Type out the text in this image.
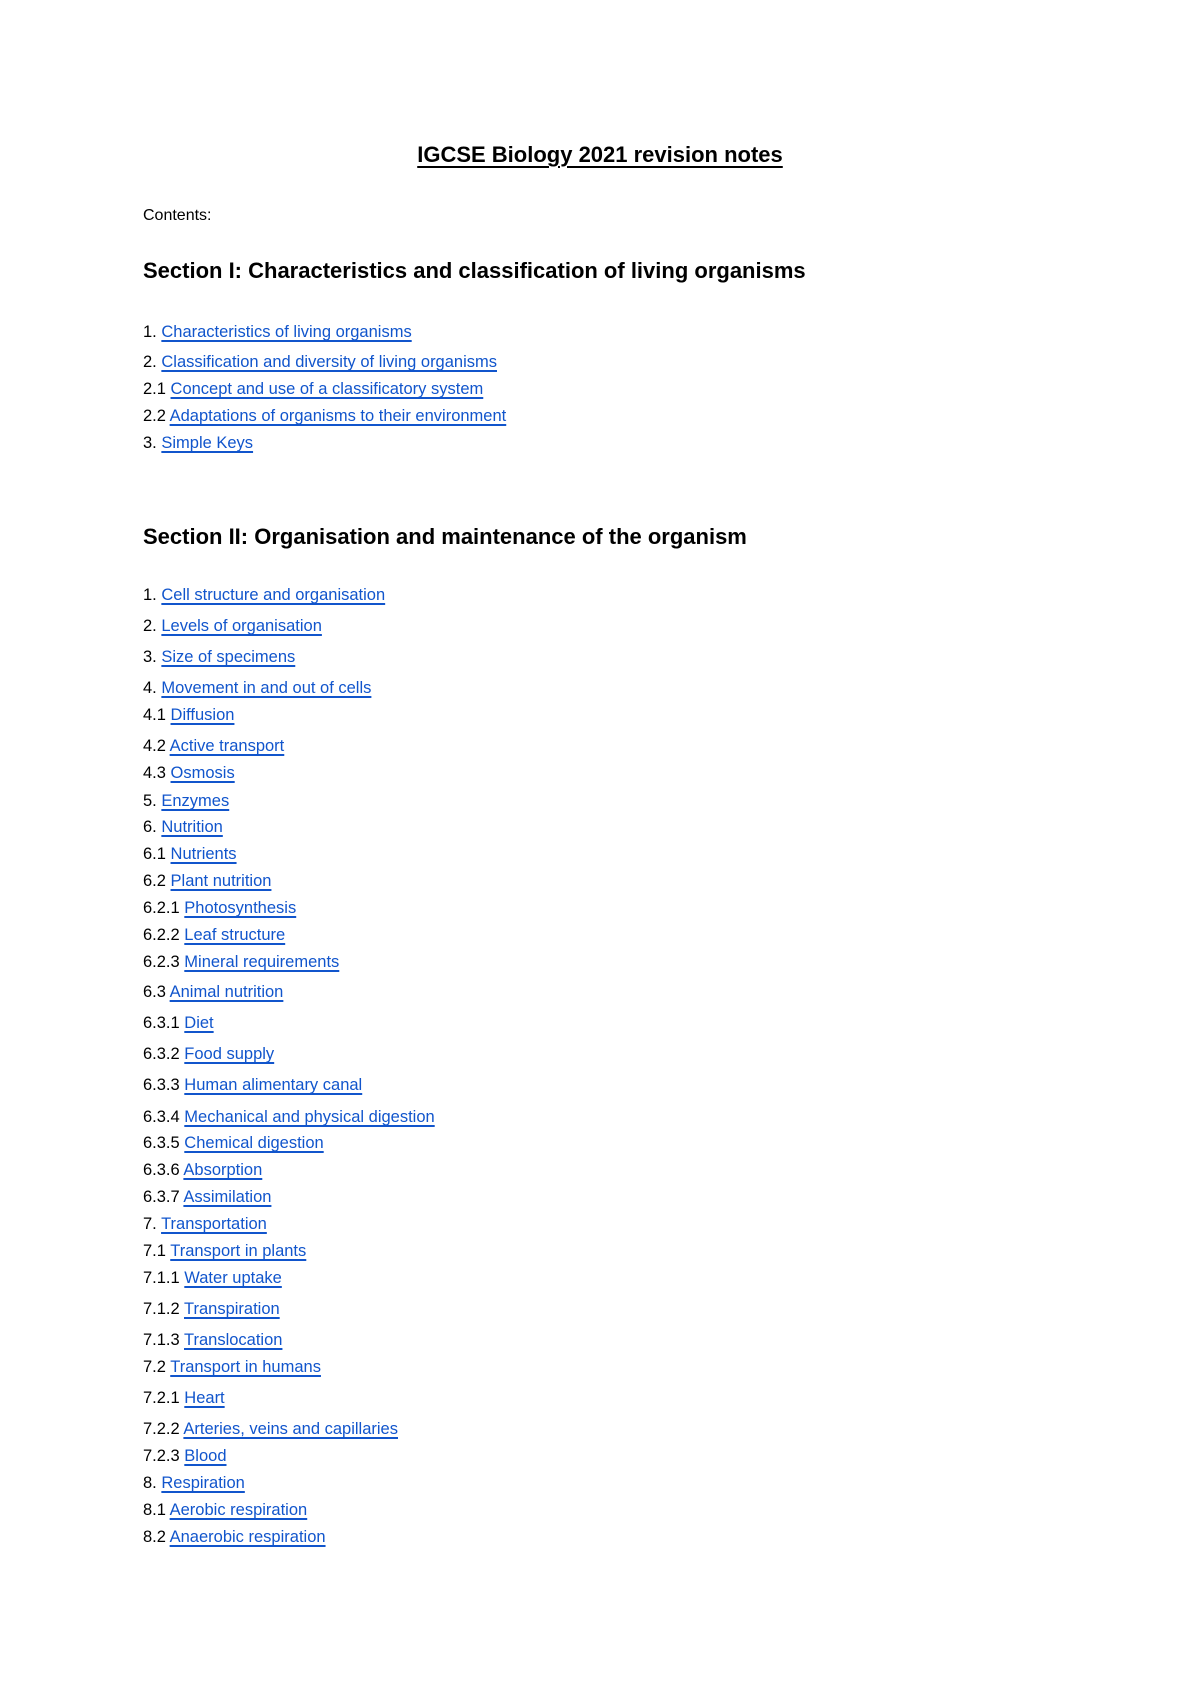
IGCSE Biology 2021 revision notes
Contents:
Section I: Characteristics and classification of living organisms
1. Characteristics of living organisms
2. Classification and diversity of living organisms
2.1 Concept and use of a classificatory system
2.2 Adaptations of organisms to their environment
3. Simple Keys
Section II: Organisation and maintenance of the organism
1. Cell structure and organisation
2. Levels of organisation
3. Size of specimens
4. Movement in and out of cells
4.1 Diffusion
4.2 Active transport
4.3 Osmosis
5. Enzymes
6. Nutrition
6.1 Nutrients
6.2 Plant nutrition
6.2.1 Photosynthesis
6.2.2 Leaf structure
6.2.3 Mineral requirements
6.3 Animal nutrition
6.3.1 Diet
6.3.2 Food supply
6.3.3 Human alimentary canal
6.3.4 Mechanical and physical digestion
6.3.5 Chemical digestion
6.3.6 Absorption
6.3.7 Assimilation
7. Transportation
7.1 Transport in plants
7.1.1 Water uptake
7.1.2 Transpiration
7.1.3 Translocation
7.2 Transport in humans
7.2.1 Heart
7.2.2 Arteries, veins and capillaries
7.2.3 Blood
8. Respiration
8.1 Aerobic respiration
8.2 Anaerobic respiration
